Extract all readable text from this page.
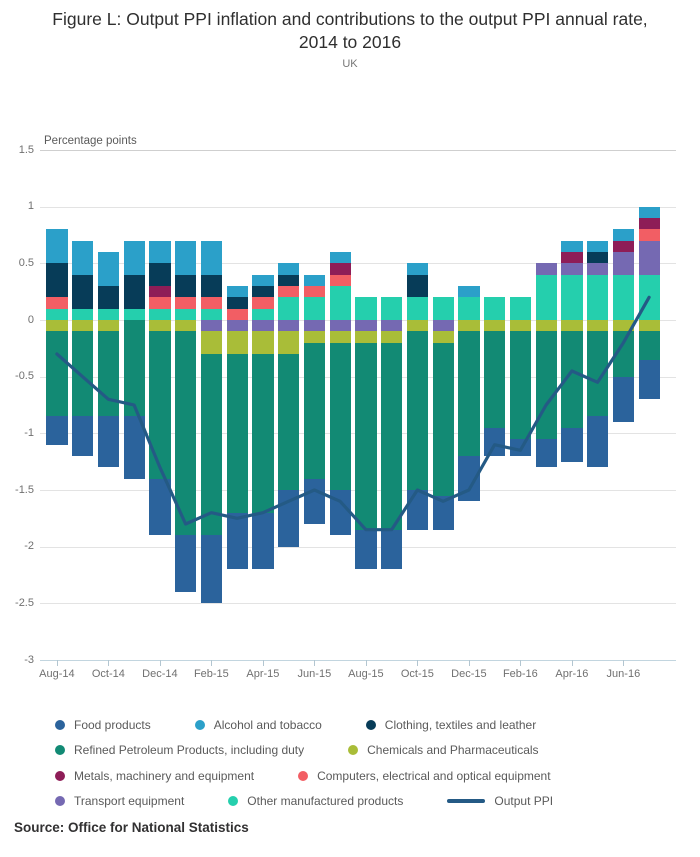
Figure L: Output PPI inflation and contributions to the output PPI annual rate, 2014 to 2016
UK
Percentage points
1.5
1
0.5
0
-0.5
-1
-1.5
-2
-2.5
-3
Aug-14	Oct-14	Dec-14	Feb-15	Apr-15	Jun-15	Aug-15	Oct-15	Dec-15	Feb-16	Apr-16	Jun-16
Food products	Alcohol and tobacco	Clothing, textiles and leather
Refined Petroleum Products, including duty	Chemicals and Pharmaceuticals
Metals, machinery and equipment	Computers, electrical and optical equipment
Transport equipment	Other manufactured products	Output PPI
Source: Office for National Statistics
